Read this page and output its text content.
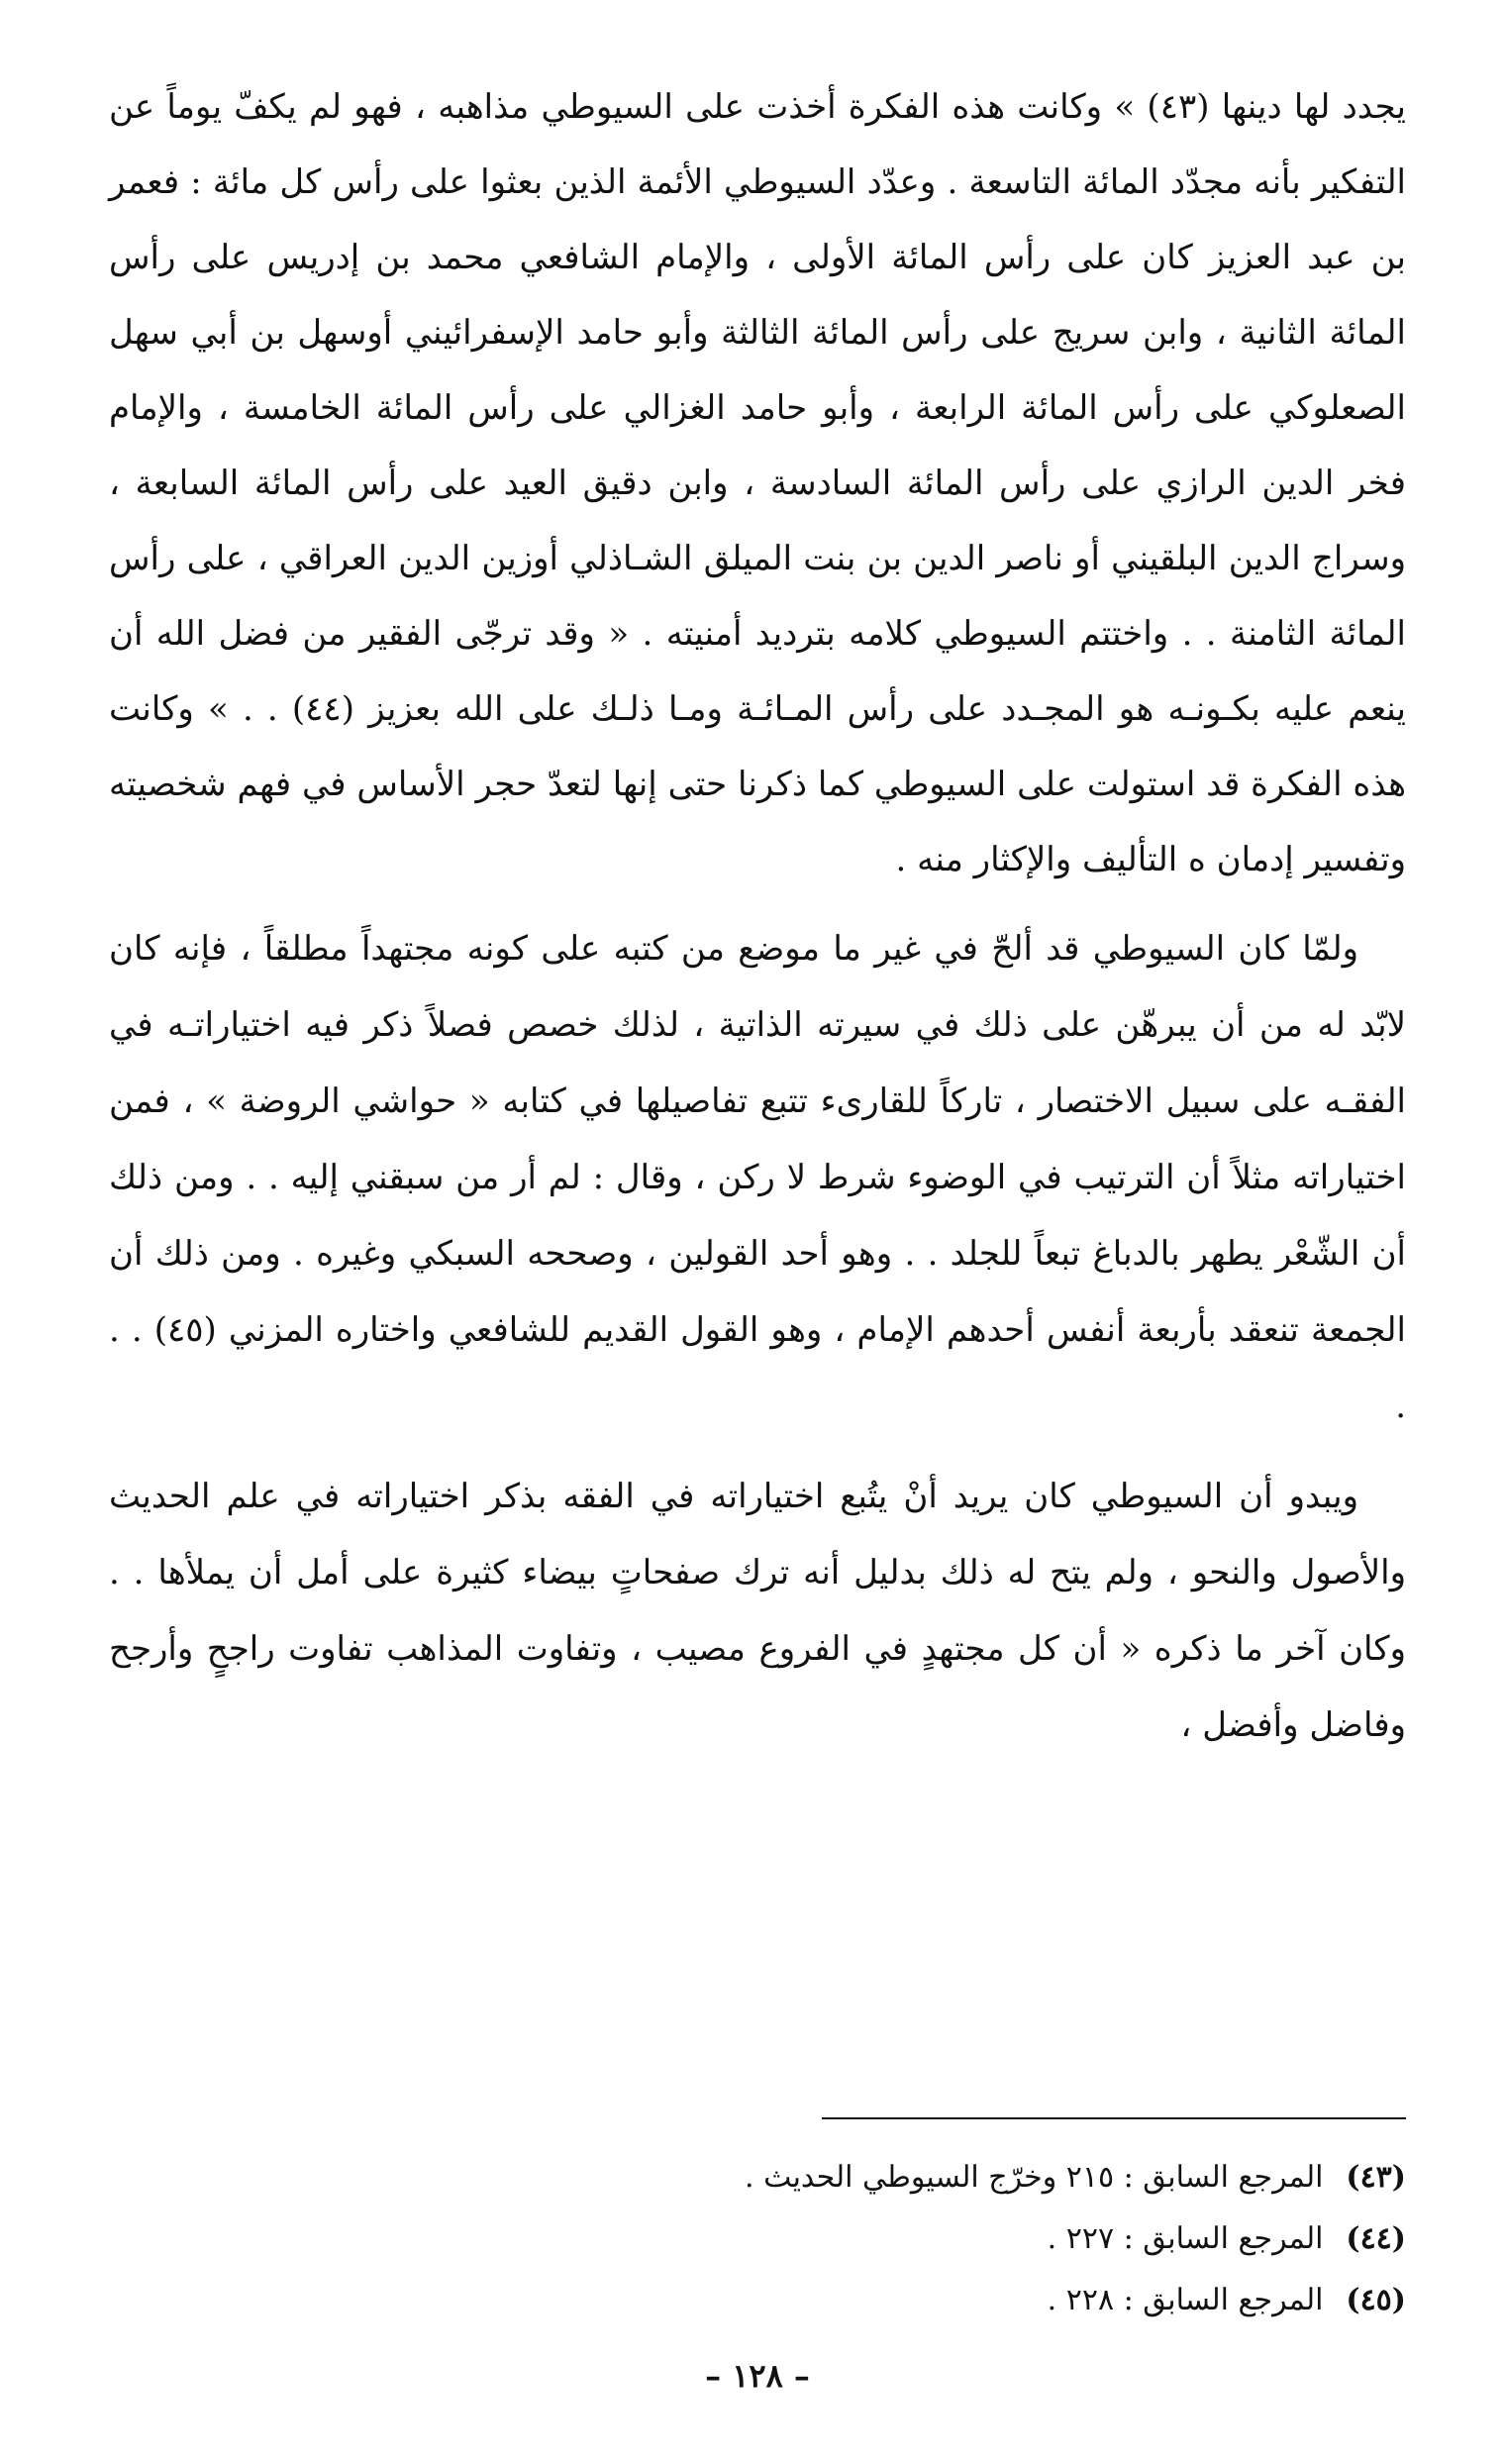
يجدد لها دينها (٤٣) » وكانت هذه الفكرة أخذت على السيوطي مذاهبه ، فهو لم يكفّ يوماً عن التفكير بأنه مجدّد المائة التاسعة . وعدّد السيوطي الأئمة الذين بعثوا على رأس كل مائة : فعمر بن عبد العزيز كان على رأس المائة الأولى ، والإمام الشافعي محمد بن إدريس على رأس المائة الثانية ، وابن سريج على رأس المائة الثالثة وأبو حامد الإسفرائيني أوسهل بن أبي سهل الصعلوكي على رأس المائة الرابعة ، وأبو حامد الغزالي على رأس المائة الخامسة ، والإمام فخر الدين الرازي على رأس المائة السادسة ، وابن دقيق العيد على رأس المائة السابعة ، وسراج الدين البلقيني أو ناصر الدين بن بنت الميلق الشـاذلي أوزين الدين العراقي ، على رأس المائة الثامنة . . واختتم السيوطي كلامه بترديد أمنيته . « وقد ترجّى الفقير من فضل الله أن ينعم عليه بكـونـه هو المجـدد على رأس المـائـة ومـا ذلـك على الله بعزيز (٤٤) . . » وكانت هذه الفكرة قد استولت على السيوطي كما ذكرنا حتى إنها لتعدّ حجر الأساس في فهم شخصيته وتفسير إدمان ه التأليف والإكثار منه .

ولمّا كان السيوطي قد ألحّ في غير ما موضع من كتبه على كونه مجتهداً مطلقاً ، فإنه كان لابّد له من أن يبرهّن على ذلك في سيرته الذاتية ، لذلك خصص فصلاً ذكر فيه اختياراتـه في الفقـه على سبيل الاختصار ، تاركاً للقارىء تتبع تفاصيلها في كتابه « حواشي الروضة » ، فمن اختياراته مثلاً أن الترتيب في الوضوء شرط لا ركن ، وقال : لم أر من سبقني إليه . . ومن ذلك أن الشّعْر يطهر بالدباغ تبعاً للجلد . . وهو أحد القولين ، وصححه السبكي وغيره . ومن ذلك أن الجمعة تنعقد بأربعة أنفس أحدهم الإمام ، وهو القول القديم للشافعي واختاره المزني (٤٥) . . .

ويبدو أن السيوطي كان يريد أنْ يتُبع اختياراته في الفقه بذكر اختياراته في علم الحديث والأصول والنحو ، ولم يتح له ذلك بدليل أنه ترك صفحاتٍ بيضاء كثيرة على أمل أن يملأها . . وكان آخر ما ذكره « أن كل مجتهدٍ في الفروع مصيب ، وتفاوت المذاهب تفاوت راجحٍ وأرجح وفاضل وأفضل ،

(٤٣) المرجع السابق : ٢١٥ وخرّج السيوطي الحديث .
(٤٤) المرجع السابق : ٢٢٧ .
(٤٥) المرجع السابق : ٢٢٨ .
– ١٢٨ –
